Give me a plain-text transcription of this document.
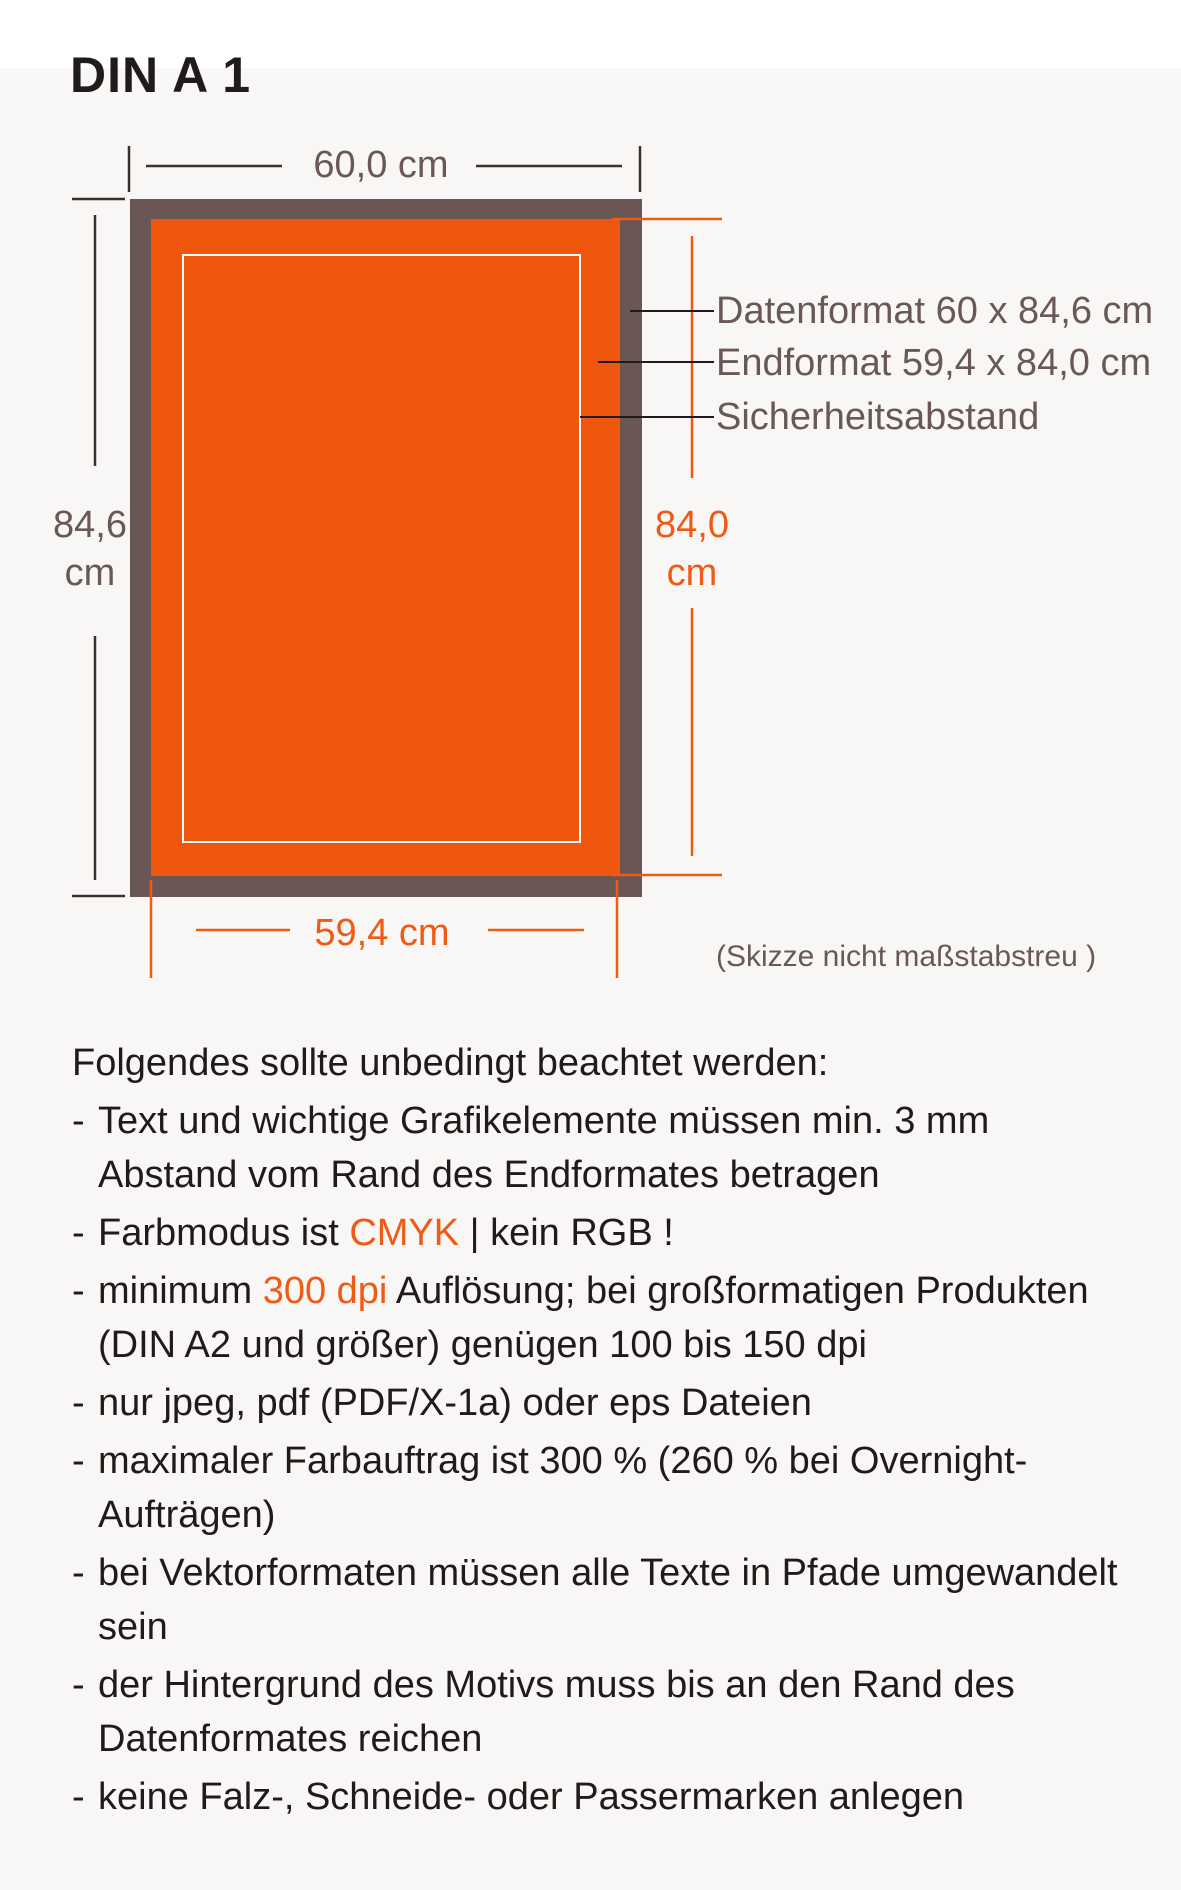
DIN A 1
60,0 cm
84,6
cm
84,0
cm
59,4 cm
Datenformat 60 x 84,6 cm
Endformat 59,4 x 84,0 cm
Sicherheitsabstand
(Skizze nicht maßstabstreu )
Folgendes sollte unbedingt beachtet werden:
- Text und wichtige Grafikelemente müssen min. 3 mm Abstand vom Rand des Endformates betragen
- Farbmodus ist CMYK | kein RGB !
- minimum 300 dpi Auflösung; bei großformatigen Produkten (DIN A2 und größer) genügen 100 bis 150 dpi
- nur jpeg, pdf (PDF/X-1a) oder eps Dateien
- maximaler Farbauftrag ist 300 % (260 % bei Overnight-Aufträgen)
- bei Vektorformaten müssen alle Texte in Pfade umgewandelt sein
- der Hintergrund des Motivs muss bis an den Rand des Datenformates reichen
- keine Falz-, Schneide- oder Passermarken anlegen
